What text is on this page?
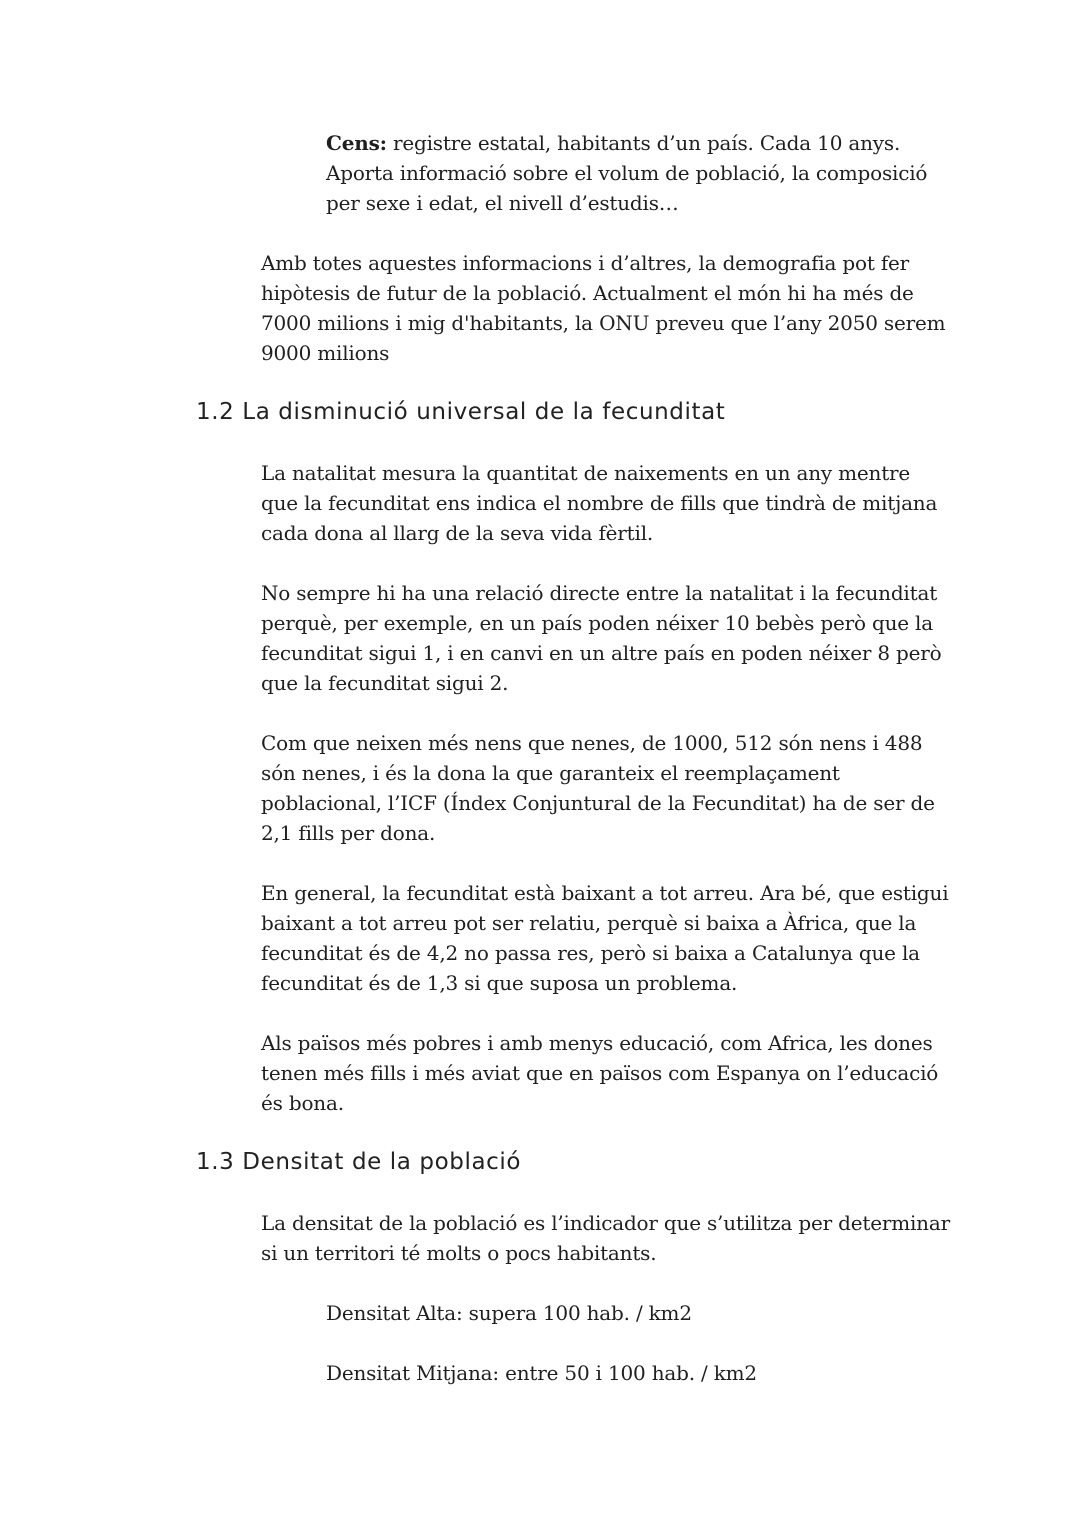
Cens: registre estatal, habitants d’un país. Cada 10 anys.
Aporta informació sobre el volum de població, la composició
per sexe i edat, el nivell d’estudis…
Amb totes aquestes informacions i d’altres, la demografia pot fer
hipòtesis de futur de la població. Actualment el món hi ha més de
7000 milions i mig d'habitants, la ONU preveu que l’any 2050 serem
9000 milions
1.2 La disminució universal de la fecunditat
La natalitat mesura la quantitat de naixements en un any mentre
que la fecunditat ens indica el nombre de fills que tindrà de mitjana
cada dona al llarg de la seva vida fèrtil.
No sempre hi ha una relació directe entre la natalitat i la fecunditat
perquè, per exemple, en un país poden néixer 10 bebès però que la
fecunditat sigui 1, i en canvi en un altre país en poden néixer 8 però
que la fecunditat sigui 2.
Com que neixen més nens que nenes, de 1000, 512 són nens i 488
són nenes, i és la dona la que garanteix el reemplaçament
poblacional, l’ICF (Índex Conjuntural de la Fecunditat) ha de ser de
2,1 fills per dona.
En general, la fecunditat està baixant a tot arreu. Ara bé, que estigui
baixant a tot arreu pot ser relatiu, perquè si baixa a Àfrica, que la
fecunditat és de 4,2 no passa res, però si baixa a Catalunya que la
fecunditat és de 1,3 si que suposa un problema.
Als països més pobres i amb menys educació, com Africa, les dones
tenen més fills i més aviat que en països com Espanya on l’educació
és bona.
1.3 Densitat de la població
La densitat de la població es l’indicador que s’utilitza per determinar
si un territori té molts o pocs habitants.
Densitat Alta: supera 100 hab. / km2
Densitat Mitjana: entre 50 i 100 hab. / km2
